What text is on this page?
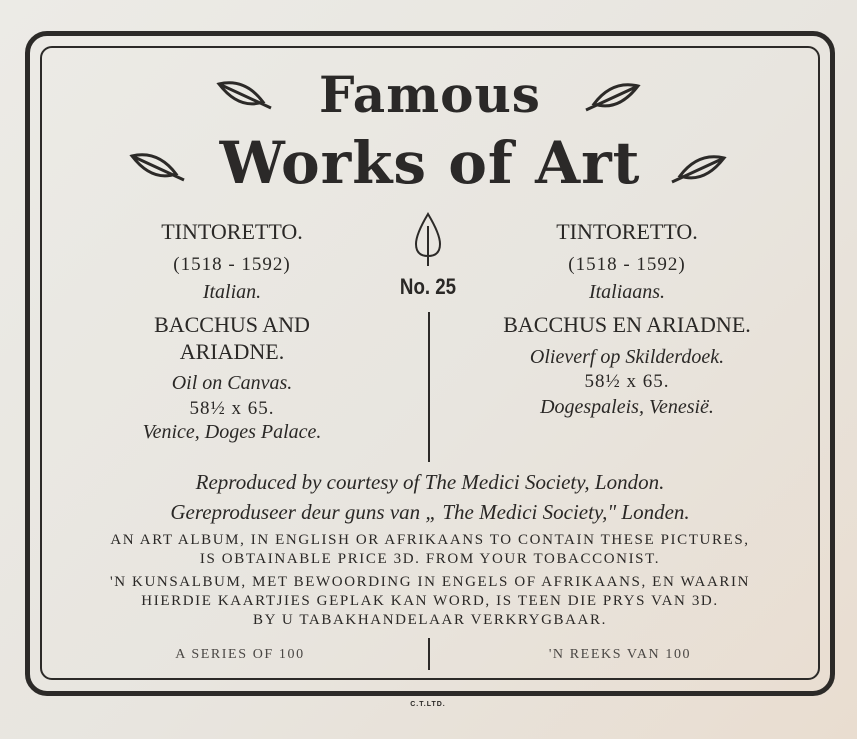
Famous
Works of Art
No. 25
TINTORETTO.
(1518 - 1592)
Italian.
BACCHUS AND
ARIADNE.
Oil on Canvas.
58½ x 65.
Venice, Doges Palace.
TINTORETTO.
(1518 - 1592)
Italiaans.
BACCHUS EN ARIADNE.
Olieverf op Skilderdoek.
58½ x 65.
Dogespaleis, Venesië.
Reproduced by courtesy of The Medici Society, London.
Gereproduseer deur guns van „ The Medici Society," Londen.
AN ART ALBUM, IN ENGLISH OR AFRIKAANS TO CONTAIN THESE PICTURES,
IS OBTAINABLE PRICE 3D. FROM YOUR TOBACCONIST.
'N KUNSALBUM, MET BEWOORDING IN ENGELS OF AFRIKAANS, EN WAARIN
HIERDIE KAARTJIES GEPLAK KAN WORD, IS TEEN DIE PRYS VAN 3D.
BY U TABAKHANDELAAR VERKRYGBAAR.
A SERIES OF 100	'N REEKS VAN 100
C.T.LTD.
